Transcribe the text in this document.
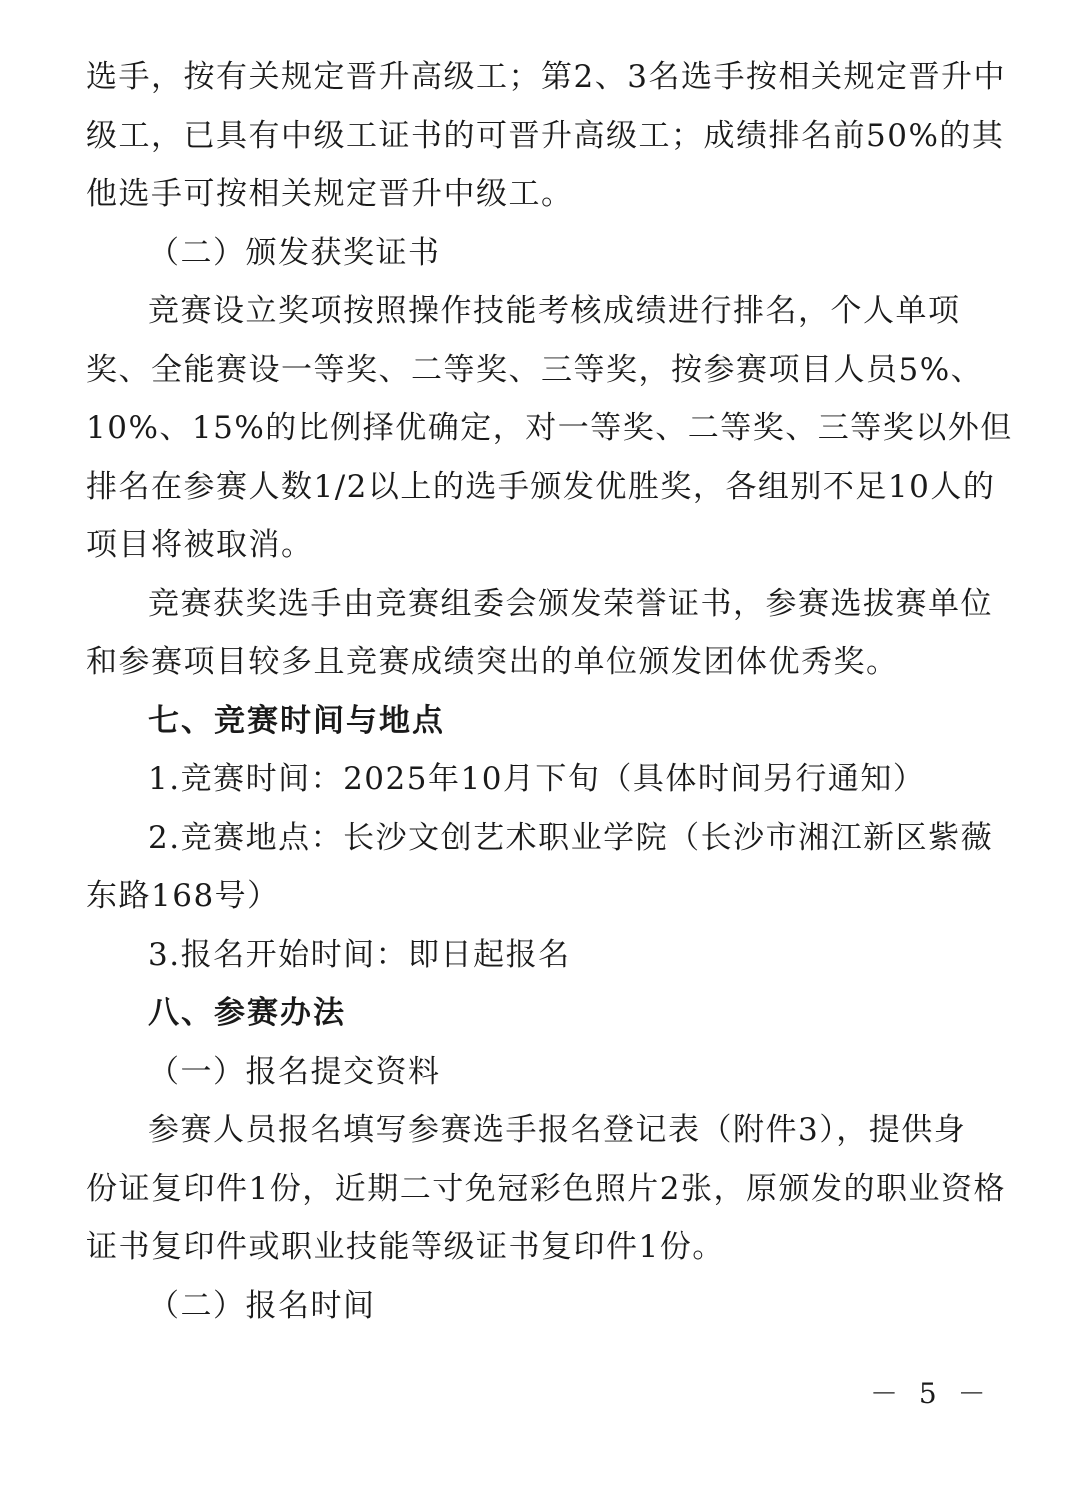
选手，按有关规定晋升高级工；第2、3名选手按相关规定晋升中
级工，已具有中级工证书的可晋升高级工；成绩排名前50%的其
他选手可按相关规定晋升中级工。
（二）颁发获奖证书
竞赛设立奖项按照操作技能考核成绩进行排名，个人单项
奖、全能赛设一等奖、二等奖、三等奖，按参赛项目人员5%、
10%、15%的比例择优确定，对一等奖、二等奖、三等奖以外但
排名在参赛人数1/2以上的选手颁发优胜奖，各组别不足10人的
项目将被取消。
竞赛获奖选手由竞赛组委会颁发荣誉证书，参赛选拔赛单位
和参赛项目较多且竞赛成绩突出的单位颁发团体优秀奖。
七、竞赛时间与地点
1.竞赛时间：2025年10月下旬（具体时间另行通知）
2.竞赛地点：长沙文创艺术职业学院（长沙市湘江新区紫薇
东路168号）
3.报名开始时间：即日起报名
八、参赛办法
（一）报名提交资料
参赛人员报名填写参赛选手报名登记表（附件3），提供身
份证复印件1份，近期二寸免冠彩色照片2张，原颁发的职业资格
证书复印件或职业技能等级证书复印件1份。
（二）报名时间
－ 5 －
